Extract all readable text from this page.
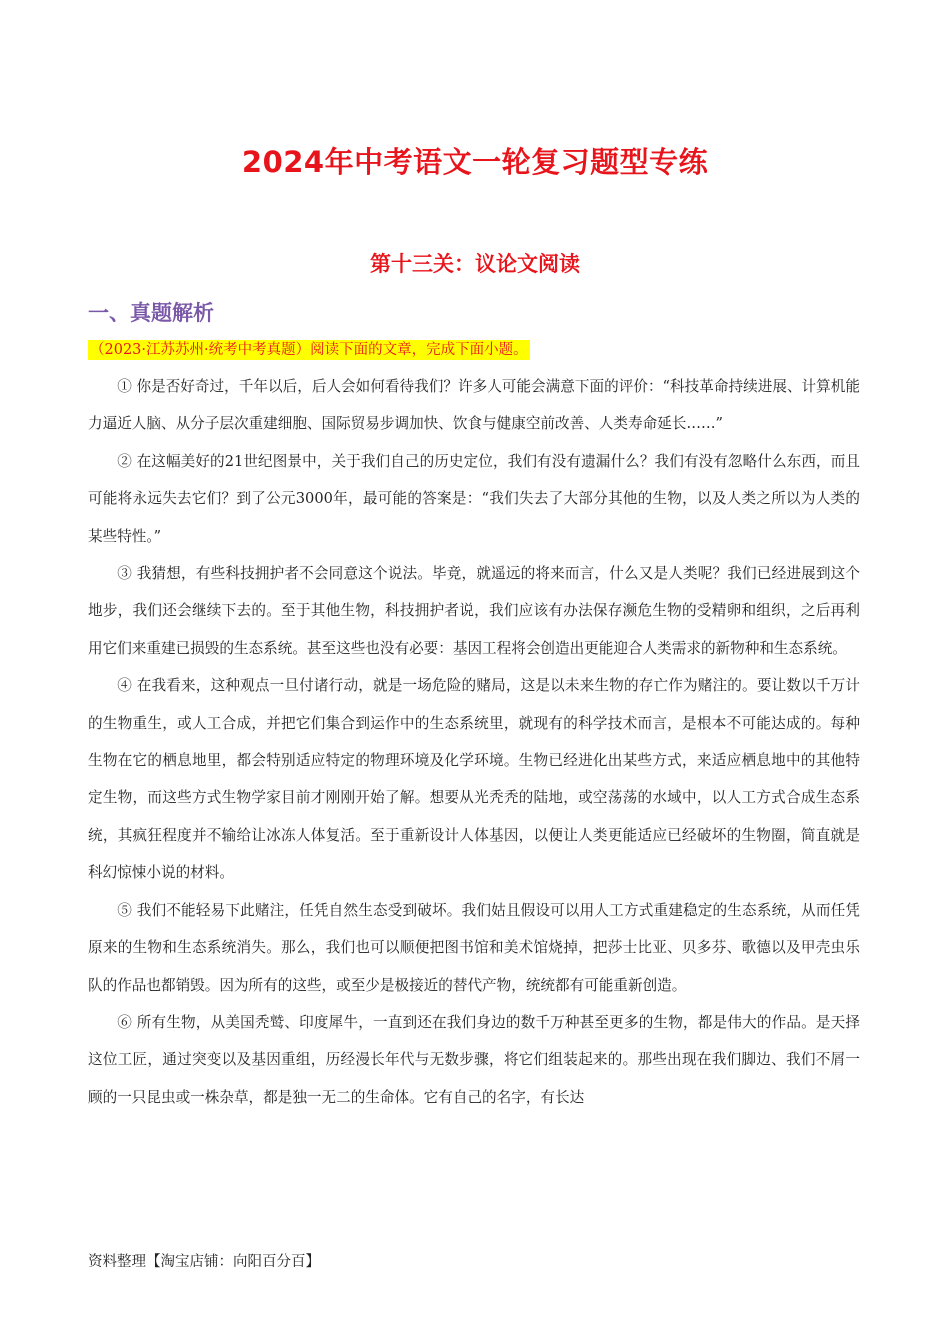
2024年中考语文一轮复习题型专练
第十三关：议论文阅读
一、真题解析
（2023·江苏苏州·统考中考真题）阅读下面的文章，完成下面小题。

① 你是否好奇过，千年以后，后人会如何看待我们？许多人可能会满意下面的评价：“科技革命持续进展、计算机能力逼近人脑、从分子层次重建细胞、国际贸易步调加快、饮食与健康空前改善、人类寿命延长……”

② 在这幅美好的21世纪图景中，关于我们自己的历史定位，我们有没有遗漏什么？我们有没有忽略什么东西，而且可能将永远失去它们？到了公元3000年，最可能的答案是：“我们失去了大部分其他的生物，以及人类之所以为人类的某些特性。”

③ 我猜想，有些科技拥护者不会同意这个说法。毕竟，就遥远的将来而言，什么又是人类呢？我们已经进展到这个地步，我们还会继续下去的。至于其他生物，科技拥护者说，我们应该有办法保存濒危生物的受精卵和组织，之后再利用它们来重建已损毁的生态系统。甚至这些也没有必要：基因工程将会创造出更能迎合人类需求的新物种和生态系统。

④ 在我看来，这种观点一旦付诸行动，就是一场危险的赌局，这是以未来生物的存亡作为赌注的。要让数以千万计的生物重生，或人工合成，并把它们集合到运作中的生态系统里，就现有的科学技术而言，是根本不可能达成的。每种生物在它的栖息地里，都会特别适应特定的物理环境及化学环境。生物已经进化出某些方式，来适应栖息地中的其他特定生物，而这些方式生物学家目前才刚刚开始了解。想要从光秃秃的陆地，或空荡荡的水域中，以人工方式合成生态系统，其疯狂程度并不输给让冰冻人体复活。至于重新设计人体基因，以便让人类更能适应已经破坏的生物圈，简直就是科幻惊悚小说的材料。

⑤ 我们不能轻易下此赌注，任凭自然生态受到破坏。我们姑且假设可以用人工方式重建稳定的生态系统，从而任凭原来的生物和生态系统消失。那么，我们也可以顺便把图书馆和美术馆烧掉，把莎士比亚、贝多芬、歌德以及甲壳虫乐队的作品也都销毁。因为所有的这些，或至少是极接近的替代产物，统统都有可能重新创造。

⑥ 所有生物，从美国秃鹫、印度犀牛，一直到还在我们身边的数千万种甚至更多的生物，都是伟大的作品。是天择这位工匠，通过突变以及基因重组，历经漫长年代与无数步骤，将它们组装起来的。那些出现在我们脚边、我们不屑一顾的一只昆虫或一株杂草，都是独一无二的生命体。它有自己的名字，有长达

资料整理【淘宝店铺：向阳百分百】
